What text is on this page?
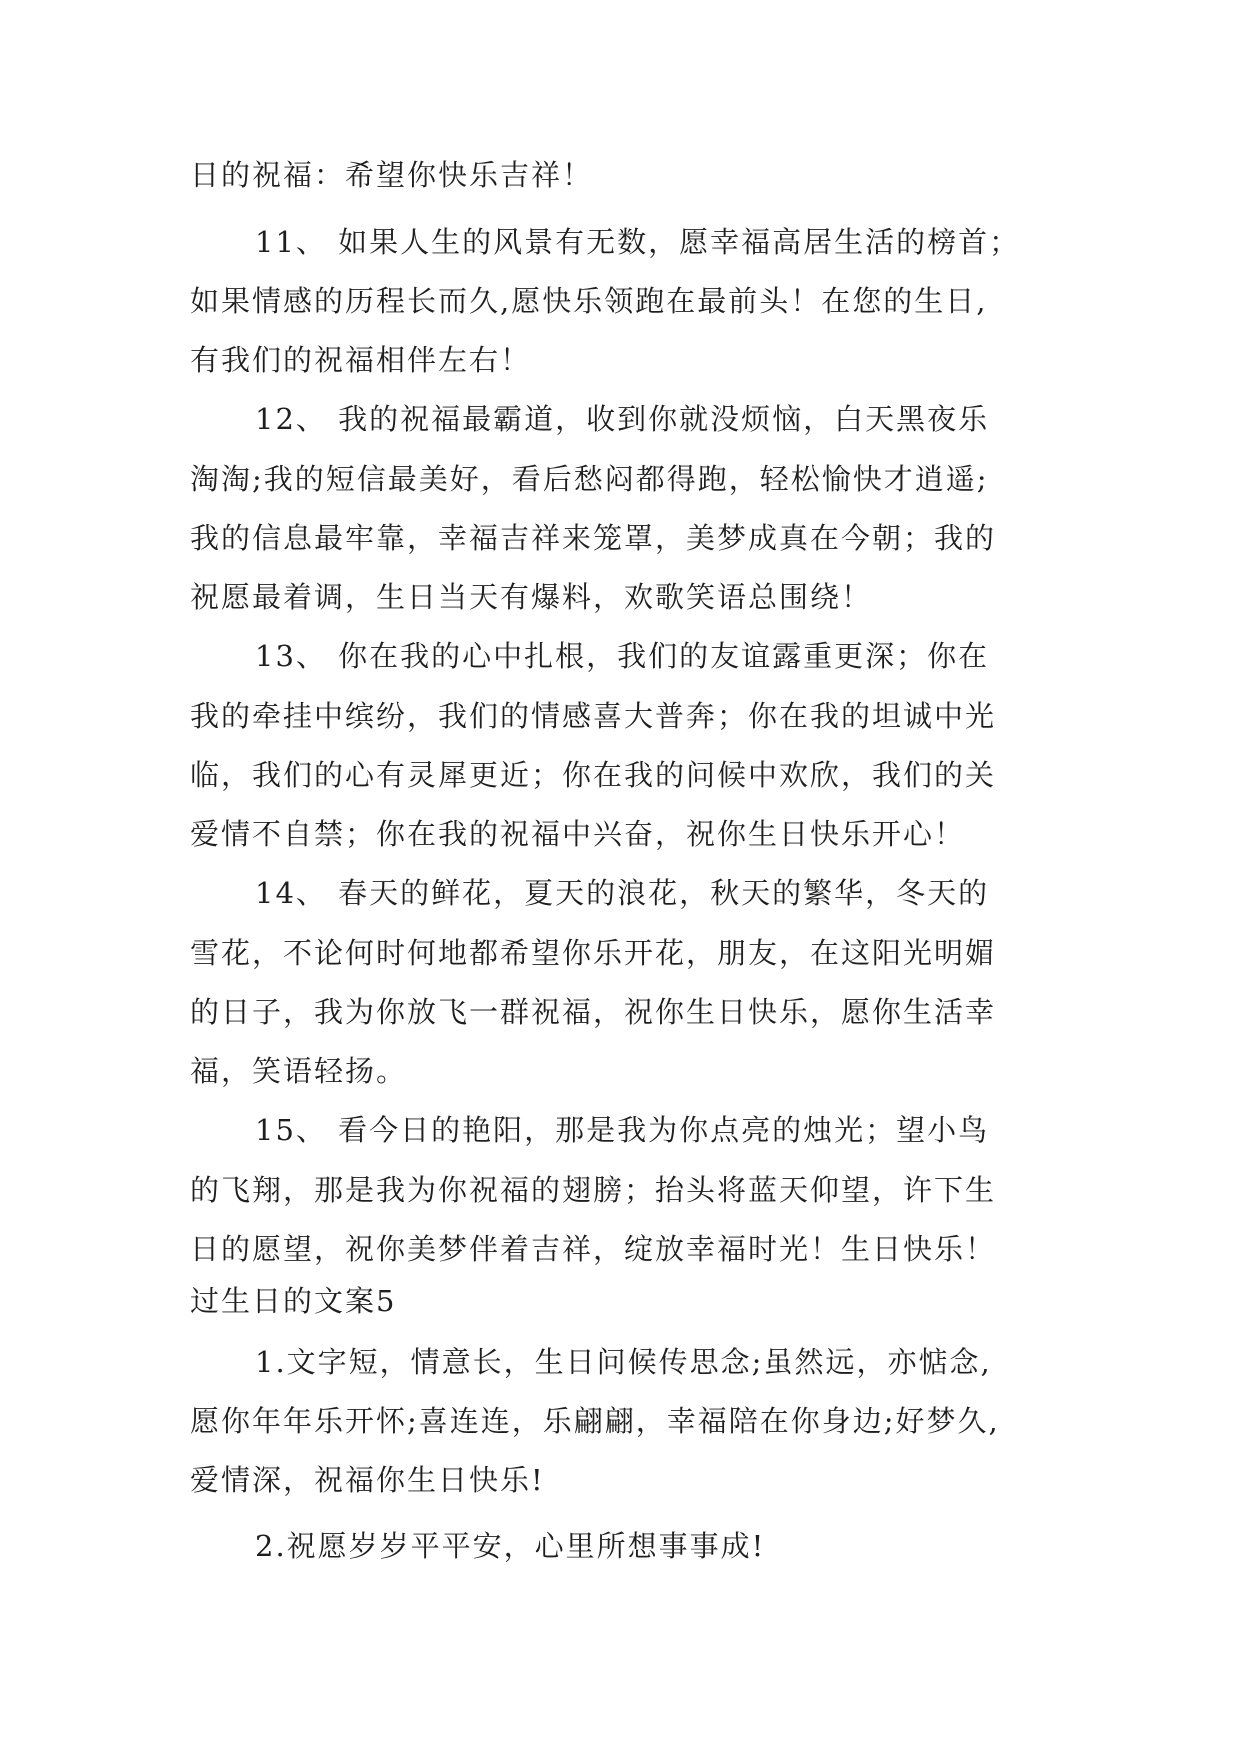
日的祝福：希望你快乐吉祥！

11、 如果人生的风景有无数，愿幸福高居生活的榜首；

如果情感的历程长而久,愿快乐领跑在最前头！在您的生日,

有我们的祝福相伴左右！

12、 我的祝福最霸道，收到你就没烦恼，白天黑夜乐

淘淘;我的短信最美好，看后愁闷都得跑，轻松愉快才逍遥;

我的信息最牢靠，幸福吉祥来笼罩，美梦成真在今朝；我的

祝愿最着调，生日当天有爆料，欢歌笑语总围绕！

13、 你在我的心中扎根，我们的友谊露重更深；你在

我的牵挂中缤纷，我们的情感喜大普奔；你在我的坦诚中光

临，我们的心有灵犀更近；你在我的问候中欢欣，我们的关

爱情不自禁；你在我的祝福中兴奋，祝你生日快乐开心！

14、 春天的鲜花，夏天的浪花，秋天的繁华，冬天的

雪花，不论何时何地都希望你乐开花，朋友，在这阳光明媚

的日子，我为你放飞一群祝福，祝你生日快乐，愿你生活幸

福，笑语轻扬。

15、 看今日的艳阳，那是我为你点亮的烛光；望小鸟

的飞翔，那是我为你祝福的翅膀；抬头将蓝天仰望，许下生

日的愿望，祝你美梦伴着吉祥，绽放幸福时光！生日快乐！

过生日的文案5

1.文字短，情意长，生日问候传思念;虽然远，亦惦念,

愿你年年乐开怀;喜连连，乐翩翩，幸福陪在你身边;好梦久,

爱情深，祝福你生日快乐!

2.祝愿岁岁平平安，心里所想事事成!
